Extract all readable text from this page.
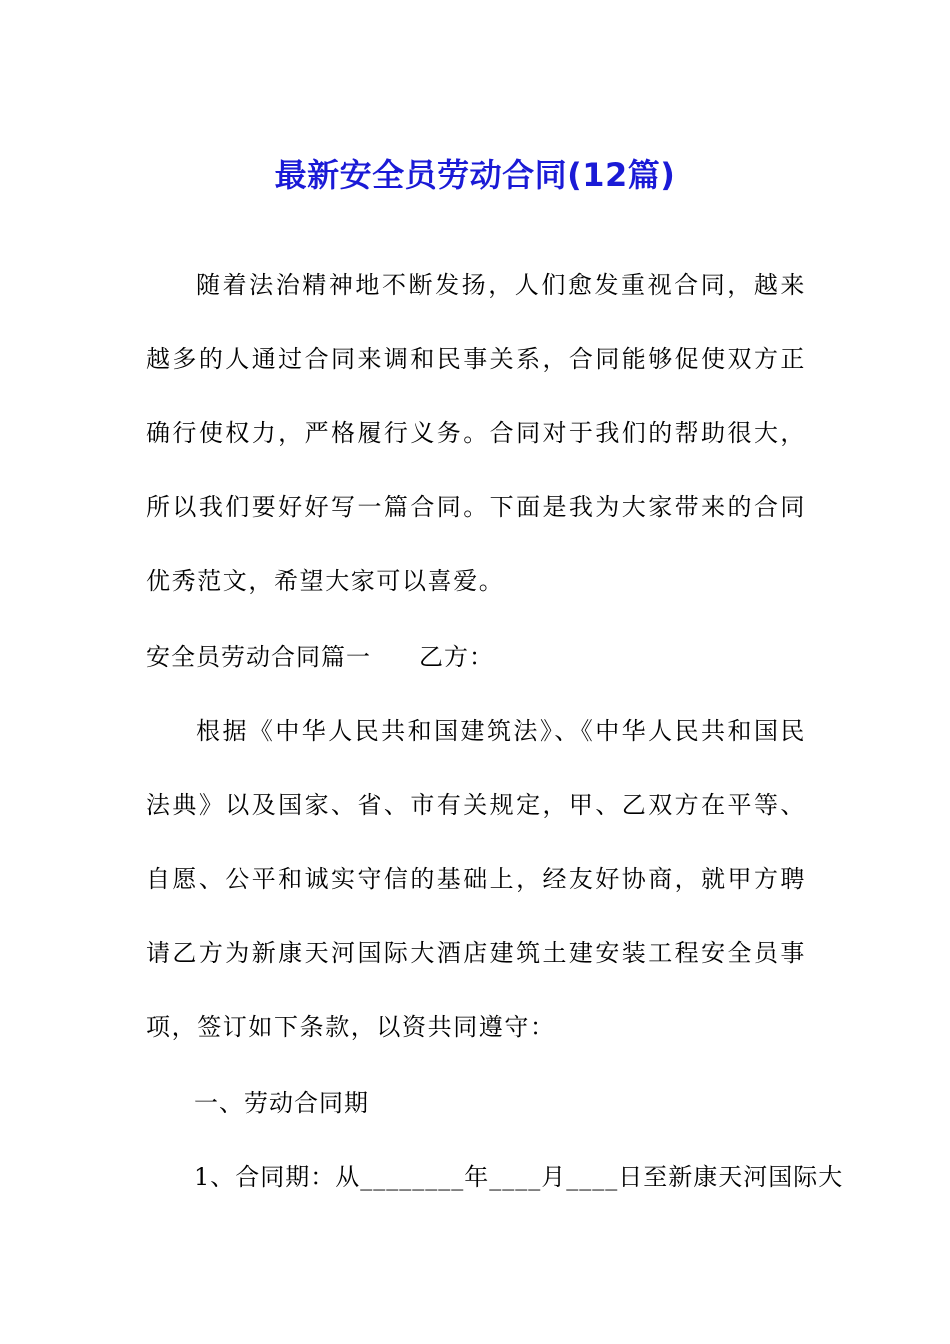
最新安全员劳动合同(12篇)

随着法治精神地不断发扬，人们愈发重视合同，越来越多的人通过合同来调和民事关系，合同能够促使双方正确行使权力，严格履行义务。合同对于我们的帮助很大，所以我们要好好写一篇合同。下面是我为大家带来的合同优秀范文，希望大家可以喜爱。

安全员劳动合同篇一 乙方：

根据《中华人民共和国建筑法》、《中华人民共和国民法典》以及国家、省、市有关规定，甲、乙双方在平等、自愿、公平和诚实守信的基础上，经友好协商，就甲方聘请乙方为新康天河国际大酒店建筑土建安装工程安全员事项，签订如下条款，以资共同遵守：

一、劳动合同期

1、合同期：从________年____月____日至新康天河国际大
